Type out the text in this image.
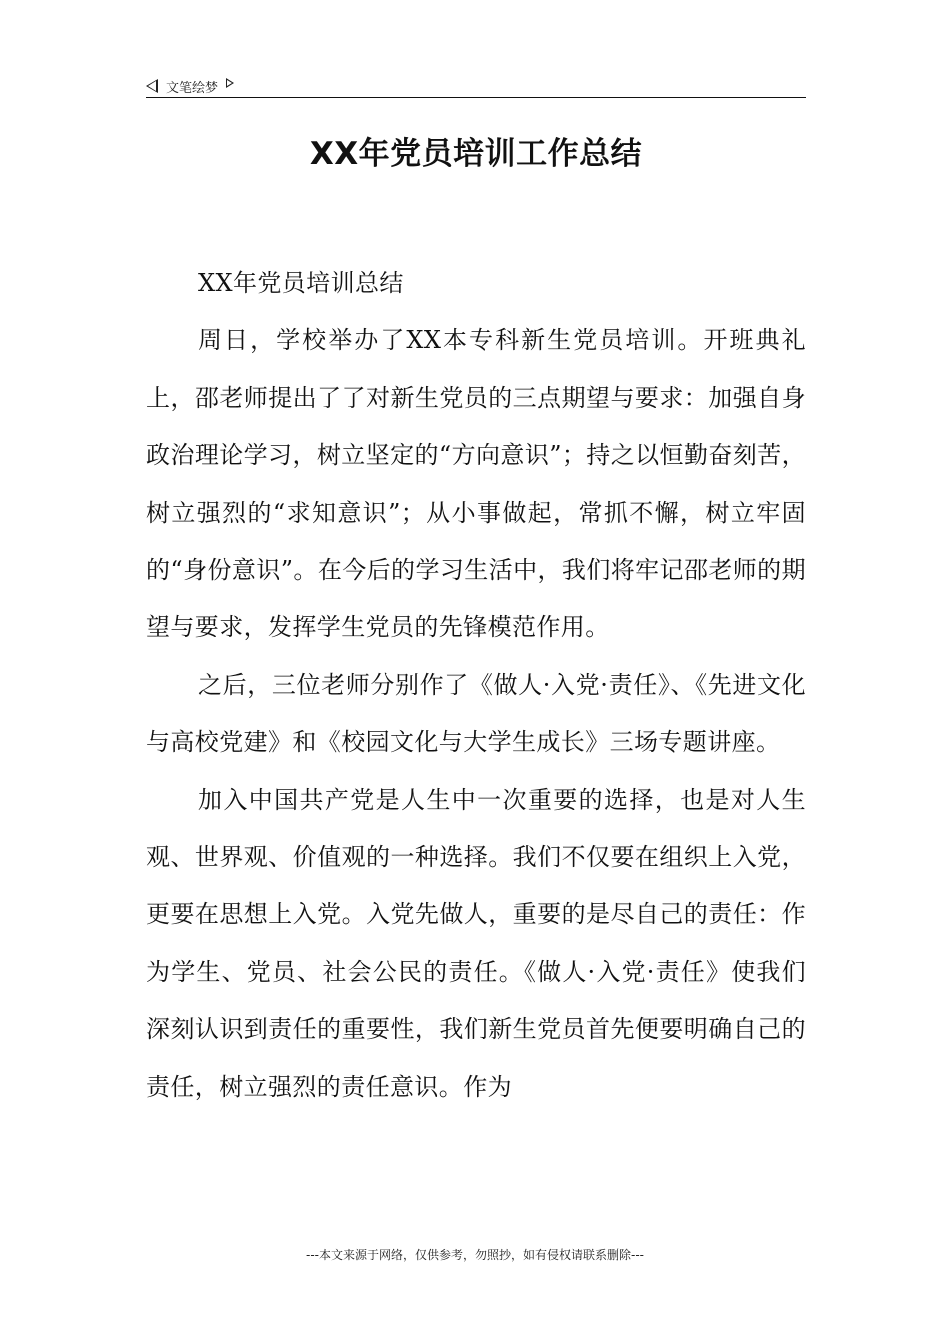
文笔绘梦
XX年党员培训工作总结

XX年党员培训总结

周日，学校举办了XX本专科新生党员培训。开班典礼上，邵老师提出了了对新生党员的三点期望与要求：加强自身政治理论学习，树立坚定的“方向意识”；持之以恒勤奋刻苦，树立强烈的“求知意识”；从小事做起，常抓不懈，树立牢固的“身份意识”。在今后的学习生活中，我们将牢记邵老师的期望与要求，发挥学生党员的先锋模范作用。

之后，三位老师分别作了《做人·入党·责任》、《先进文化与高校党建》和《校园文化与大学生成长》三场专题讲座。

加入中国共产党是人生中一次重要的选择，也是对人生观、世界观、价值观的一种选择。我们不仅要在组织上入党，更要在思想上入党。入党先做人，重要的是尽自己的责任：作为学生、党员、社会公民的责任。《做人·入党·责任》使我们深刻认识到责任的重要性，我们新生党员首先便要明确自己的责任，树立强烈的责任意识。作为

---本文来源于网络，仅供参考，勿照抄，如有侵权请联系删除---
